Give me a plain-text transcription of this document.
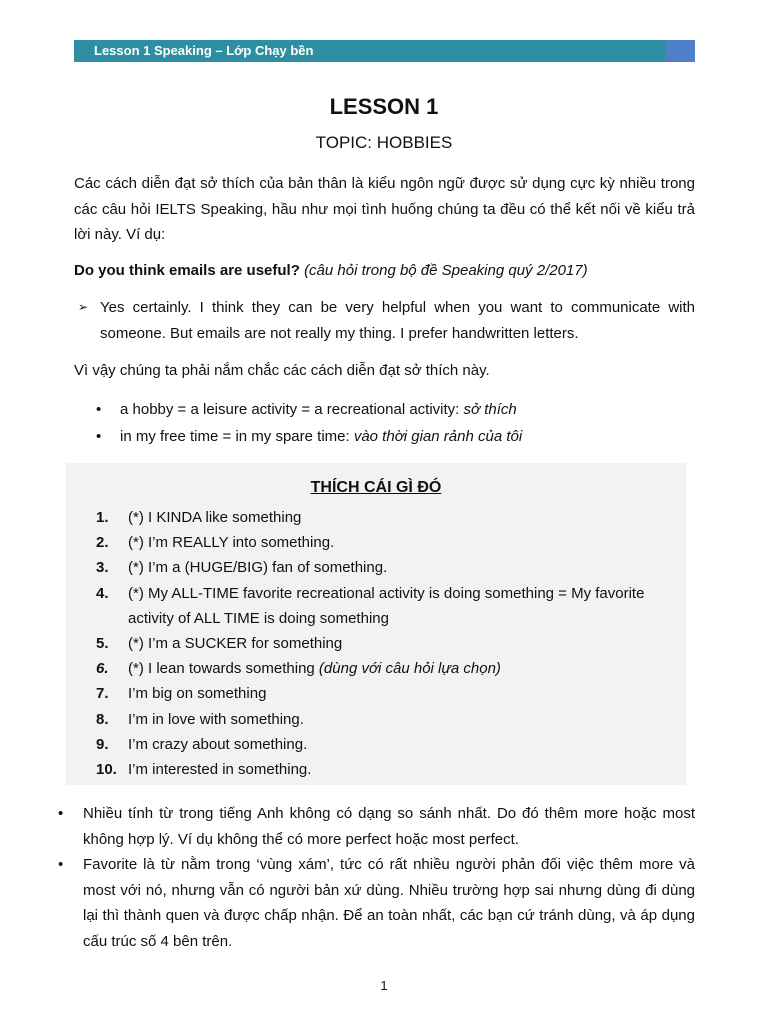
Lesson 1 Speaking – Lớp Chạy bền
LESSON 1
TOPIC: HOBBIES
Các cách diễn đạt sở thích của bản thân là kiểu ngôn ngữ được sử dụng cực kỳ nhiều trong các câu hỏi IELTS Speaking, hầu như mọi tình huống chúng ta đều có thể kết nối về kiểu trả lời này. Ví dụ:
Do you think emails are useful? (câu hỏi trong bộ đề Speaking quý 2/2017)
➢ Yes certainly. I think they can be very helpful when you want to communicate with someone. But emails are not really my thing. I prefer handwritten letters.
Vì vậy chúng ta phải nắm chắc các cách diễn đạt sở thích này.
• a hobby = a leisure activity = a recreational activity: sở thích
• in my free time = in my spare time: vào thời gian rảnh của tôi
THÍCH CÁI GÌ ĐÓ
1. (*) I KINDA like something
2. (*) I’m REALLY into something.
3. (*) I’m a (HUGE/BIG) fan of something.
4. (*) My ALL-TIME favorite recreational activity is doing something = My favorite activity of ALL TIME is doing something
5. (*) I’m a SUCKER for something
6. (*) I lean towards something (dùng với câu hỏi lựa chọn)
7. I’m big on something
8. I’m in love with something.
9. I’m crazy about something.
10. I’m interested in something.
• Nhiều tính từ trong tiếng Anh không có dạng so sánh nhất. Do đó thêm more hoặc most không hợp lý. Ví dụ không thể có more perfect hoặc most perfect.
• Favorite là từ nằm trong ‘vùng xám’, tức có rất nhiều người phản đối việc thêm more và most với nó, nhưng vẫn có người bản xứ dùng. Nhiều trường hợp sai nhưng dùng đi dùng lại thì thành quen và được chấp nhận. Để an toàn nhất, các bạn cứ tránh dùng, và áp dụng cấu trúc số 4 bên trên.
1
